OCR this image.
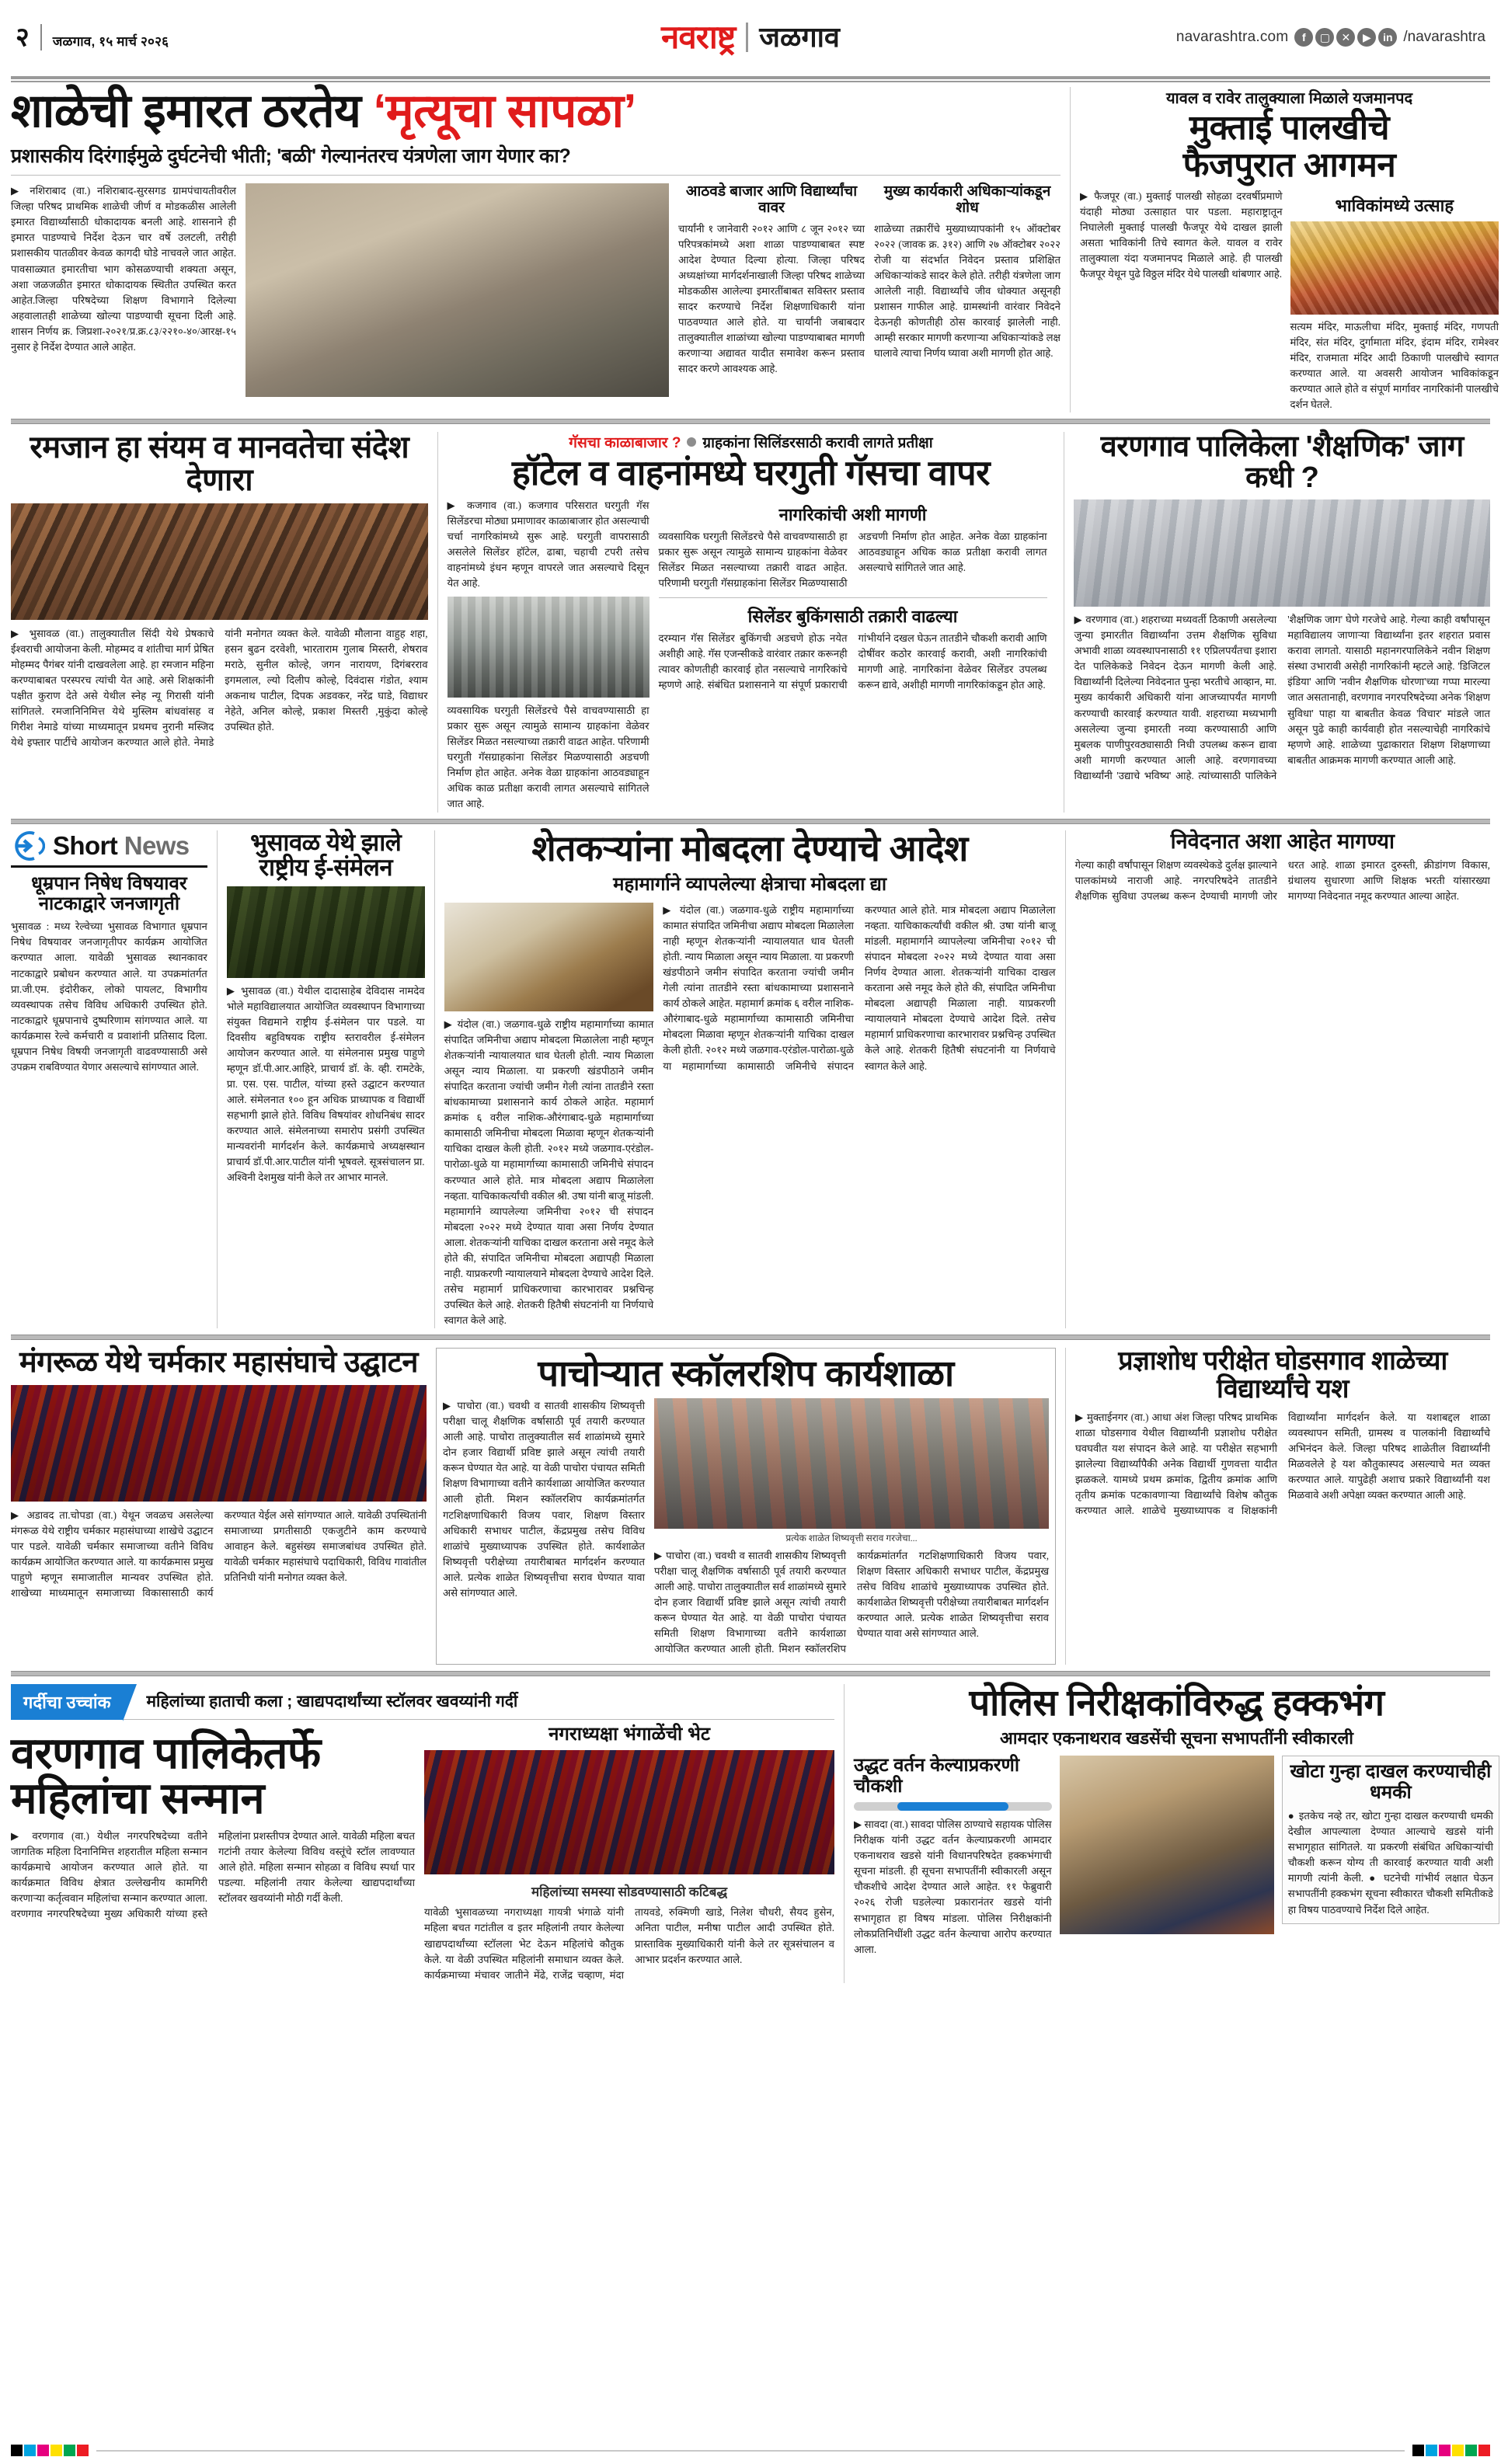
२ जळगाव, १५ मार्च २०२६	नवराष्ट्र जळगाव	navarashtra.com	f	▢	✕	▶	in /navarashtra
शाळेची इमारत ठरतेय ‘मृत्यूचा सापळा’
प्रशासकीय दिरंगाईमुळे दुर्घटनेची भीती; 'बळी' गेल्यानंतरच यंत्रणेला जाग येणार का?
▶ नशिराबाद (वा.) नशिराबाद-सुरसगड ग्रामपंचायतीवरील जिल्हा परिषद प्राथमिक शाळेची जीर्ण व मोडकळीस आलेली इमारत विद्यार्थ्यांसाठी धोकादायक बनली आहे. शासनाने ही इमारत पाडण्याचे निर्देश देऊन चार वर्षे उलटली, तरीही प्रशासकीय पातळीवर केवळ कागदी घोडे नाचवले जात आहेत. पावसाळ्यात इमारतीचा भाग कोसळण्याची शक्यता असून, अशा जळजळीत इमारत धोकादायक स्थितीत उपस्थित करत आहेत.जिल्हा परिषदेच्या शिक्षण विभागाने दिलेल्या अहवालातही शाळेच्या खोल्या पाडण्याची सूचना दिली आहे. शासन निर्णय क्र. जिप्रशा-२०२१/प्र.क्र.८३/२२१०-४०/आरक्ष-१५ नुसार हे निर्देश देण्यात आले आहेत.
आठवडे बाजार आणि विद्यार्थ्यांचा वावर
चार्यांनी १ जानेवारी २०१२ आणि ८ जून २०१२ च्या परिपत्रकांमध्ये अशा शाळा पाडण्याबाबत स्पष्ट आदेश देण्यात दिल्या होत्या. जिल्हा परिषद अध्यक्षांच्या मार्गदर्शनाखाली जिल्हा परिषद शाळेच्या मोडकळीस आलेल्या इमारतींबाबत सविस्तर प्रस्ताव सादर करण्याचे निर्देश शिक्षणाधिकारी यांना पाठवण्यात आले होते. या चार्यांनी जबाबदार तालुक्यातील शाळांच्या खोल्या पाडण्याबाबत मागणी करणाऱ्या अद्यावत यादीत समावेश करून प्रस्ताव सादर करणे आवश्यक आहे.
मुख्य कार्यकारी अधिकाऱ्यांकडून शोध
शाळेच्या तक्रारींचे मुख्याध्यापकांनी १५ ऑक्टोबर २०२२ (जावक क्र. ३१२) आणि २७ ऑक्टोबर २०२२ रोजी या संदर्भात निवेदन प्रस्ताव प्रशिक्षित अधिकाऱ्यांकडे सादर केले होते. तरीही यंत्रणेला जाग आलेली नाही. विद्यार्थ्यांचे जीव धोक्यात असूनही प्रशासन गाफील आहे. ग्रामस्थांनी वारंवार निवेदने देऊनही कोणतीही ठोस कारवाई झालेली नाही. आम्ही सरकार मागणी करणाऱ्या अधिकाऱ्यांकडे लक्ष घालावे त्याचा निर्णय घ्यावा अशी मागणी होत आहे.
यावल व रावेर तालुक्याला मिळाले यजमानपद
मुक्ताई पालखीचे
फैजपुरात आगमन
▶ फैजपूर (वा.) मुक्ताई पालखी सोहळा दरवर्षीप्रमाणे यंदाही मोठ्या उत्साहात पार पडला. महाराष्ट्रातून निघालेली मुक्ताई पालखी फैजपूर येथे दाखल झाली असता भाविकांनी तिचे स्वागत केले. यावल व रावेर तालुक्याला यंदा यजमानपद मिळाले आहे. ही पालखी फैजपूर येथून पुढे विठ्ठल मंदिर येथे पालखी थांबणार आहे.
भाविकांमध्ये उत्साह
सत्यम मंदिर, माऊलीचा मंदिर, मुक्ताई मंदिर, गणपती मंदिर, संत मंदिर, दुर्गामाता मंदिर, इंदाम मंदिर, रामेश्वर मंदिर, राजमाता मंदिर आदी ठिकाणी पालखीचे स्वागत करण्यात आले. या अवसरी आयोजन भाविकांकडून करण्यात आले होते व संपूर्ण मार्गावर नागरिकांनी पालखीचे दर्शन घेतले.
रमजान हा संयम व मानवतेचा संदेश देणारा
▶ भुसावळ (वा.) तालुक्यातील सिंदी येथे प्रेषकाचे ईश्वराची आयोजना केली. मोहम्मद व शांतीचा मार्ग प्रेषित मोहम्मद पैगंबर यांनी दाखवलेला आहे. हा रमजान महिना करण्याबाबत परस्परच त्यांची येत आहे. असे शिक्षकांनी पक्षीत कुराण देते असे येथील स्नेह न्यू गिरासी यांनी सांगितले. रमजानिनिमित्त येथे मुस्लिम बांधवांसह व गिरीश नेमाडे यांच्या माध्यमातून प्रथमच नुरानी मस्जिद येथे इफ्तार पार्टीचे आयोजन करण्यात आले होते. नेमाडे यांनी मनोगत व्यक्त केले. यावेळी मौलाना वाहुह शहा, हसन बुढन दरवेशी, भारताराम गुलाब मिस्तरी, शेषराव मराठे, सुनील कोल्हे, जगन नारायण, दिगंबरराव इगमलाल, ल्यो दिलीप कोल्हे, दिवंदास गंडोत, श्याम अकनाथ पाटील, दिपक अडवकर, नरेंद्र घाडे, विद्याधर नेहेते, अनिल कोल्हे, प्रकाश मिस्तरी ,मुकुंदा कोल्हे उपस्थित होते.
गॅसचा काळाबाजार ? ग्राहकांना सिलिंडरसाठी करावी लागते प्रतीक्षा
हॉटेल व वाहनांमध्ये घरगुती गॅसचा वापर
▶ कजगाव (वा.) कजगाव परिसरात घरगुती गॅस सिलेंडरचा मोठ्या प्रमाणावर काळाबाजार होत असल्याची चर्चा नागरिकांमध्ये सुरू आहे. घरगुती वापरासाठी असलेले सिलेंडर हॉटेल, ढाबा, चहाची टपरी तसेच वाहनांमध्ये इंधन म्हणून वापरले जात असल्याचे दिसून येत आहे.
व्यवसायिक घरगुती सिलेंडरचे पैसे वाचवण्यासाठी हा प्रकार सुरू असून त्यामुळे सामान्य ग्राहकांना वेळेवर सिलेंडर मिळत नसल्याच्या तक्रारी वाढत आहेत. परिणामी घरगुती गॅसग्राहकांना सिलेंडर मिळण्यासाठी अडचणी निर्माण होत आहेत. अनेक वेळा ग्राहकांना आठवड्याहून अधिक काळ प्रतीक्षा करावी लागत असल्याचे सांगितले जात आहे.
नागरिकांची अशी मागणी
व्यवसायिक घरगुती सिलेंडरचे पैसे वाचवण्यासाठी हा प्रकार सुरू असून त्यामुळे सामान्य ग्राहकांना वेळेवर सिलेंडर मिळत नसल्याच्या तक्रारी वाढत आहेत. परिणामी घरगुती गॅसग्राहकांना सिलेंडर मिळण्यासाठी अडचणी निर्माण होत आहेत. अनेक वेळा ग्राहकांना आठवड्याहून अधिक काळ प्रतीक्षा करावी लागत असल्याचे सांगितले जात आहे.
सिलेंडर बुकिंगसाठी तक्रारी वाढल्या
दरम्यान गॅस सिलेंडर बुकिंगची अडचणे होऊ नयेत अशीही आहे. गॅस एजन्सीकडे वारंवार तक्रार करूनही त्यावर कोणतीही कारवाई होत नसल्याचे नागरिकांचे म्हणणे आहे. संबंधित प्रशासनाने या संपूर्ण प्रकाराची गांभीर्याने दखल घेऊन तातडीने चौकशी करावी आणि दोषींवर कठोर कारवाई करावी, अशी नागरिकांची मागणी आहे. नागरिकांना वेळेवर सिलेंडर उपलब्ध करून द्यावे, अशीही मागणी नागरिकांकडून होत आहे.
वरणगाव पालिकेला 'शैक्षणिक' जाग कधी ?
▶ वरणगाव (वा.) शहराच्या मध्यवर्ती ठिकाणी असलेल्या जुन्या इमारतीत विद्यार्थ्यांना उत्तम शैक्षणिक सुविधा अभावी शाळा व्यवस्थापनासाठी ११ एप्रिलपर्यंतचा इशारा देत पालिकेकडे निवेदन देऊन मागणी केली आहे. विद्यार्थ्यांनी दिलेल्या निवेदनात पुन्हा भरतीचे आव्हान, मा. मुख्य कार्यकारी अधिकारी यांना आजच्यापर्यंत मागणी करण्याची कारवाई करण्यात यावी. शहराच्या मध्यभागी असलेल्या जुन्या इमारती नव्या करण्यासाठी आणि मुबलक पाणीपुरवठ्यासाठी निधी उपलब्ध करून द्यावा अशी मागणी करण्यात आली आहे. वरणगावच्या विद्यार्थ्यांनी 'उद्याचे भविष्य' आहे. त्यांच्यासाठी पालिकेने 'शैक्षणिक जाग' घेणे गरजेचे आहे. गेल्या काही वर्षांपासून महाविद्यालय जाणाऱ्या विद्यार्थ्यांना इतर शहरात प्रवास करावा लागतो. यासाठी महानगरपालिकेने नवीन शिक्षण संस्था उभारावी असेही नागरिकांनी म्हटले आहे. 'डिजिटल इंडिया' आणि 'नवीन शैक्षणिक धोरणा'च्या गप्पा मारल्या जात असतानाही, वरणगाव नगरपरिषदेच्या अनेक 'शिक्षण सुविधा' पाहा या बाबतीत केवळ 'विचार' मांडले जात असून पुढे काही कार्यवाही होत नसल्याचेही नागरिकांचे म्हणणे आहे. शाळेच्या पुढाकारात शिक्षण शिक्षणाच्या बाबतीत आक्रमक मागणी करण्यात आली आहे.
Short News
धूम्रपान निषेध विषयावर नाटकाद्वारे जनजागृती
भुसावळ : मध्य रेल्वेच्या भुसावळ विभागात धूम्रपान निषेध विषयावर जनजागृतीपर कार्यक्रम आयोजित करण्यात आला. यावेळी भुसावळ स्थानकावर नाटकाद्वारे प्रबोधन करण्यात आले. या उपक्रमांतर्गत प्रा.जी.एम. इंदोरीकर, लोको पायलट, विभागीय व्यवस्थापक तसेच विविध अधिकारी उपस्थित होते. नाटकाद्वारे धूम्रपानाचे दुष्परिणाम सांगण्यात आले. या कार्यक्रमास रेल्वे कर्मचारी व प्रवाशांनी प्रतिसाद दिला. धूम्रपान निषेध विषयी जनजागृती वाढवण्यासाठी असे उपक्रम राबविण्यात येणार असल्याचे सांगण्यात आले.
भुसावळ येथे झाले राष्ट्रीय ई-संमेलन
▶ भुसावळ (वा.) येथील दादासाहेब देविदास नामदेव भोले महाविद्यालयात आयोजित व्यवस्थापन विभागाच्या संयुक्त विद्यमाने राष्ट्रीय ई-संमेलन पार पडले. या दिवसीय बहुविषयक राष्ट्रीय स्तरावरील ई-संमेलन आयोजन करण्यात आले. या संमेलनास प्रमुख पाहुणे म्हणून डॉ.पी.आर.आहिरे, प्राचार्य डॉ. के. व्ही. रामटेके, प्रा. एस. एस. पाटील, यांच्या हस्ते उद्घाटन करण्यात आले. संमेलनात १०० हून अधिक प्राध्यापक व विद्यार्थी सहभागी झाले होते. विविध विषयांवर शोधनिबंध सादर करण्यात आले. संमेलनाच्या समारोप प्रसंगी उपस्थित मान्यवरांनी मार्गदर्शन केले. कार्यक्रमाचे अध्यक्षस्थान प्राचार्य डॉ.पी.आर.पाटील यांनी भूषवले. सूत्रसंचालन प्रा. अश्विनी देशमुख यांनी केले तर आभार मानले.
शेतकऱ्यांना मोबदला देण्याचे आदेश
महामार्गाने व्यापलेल्या क्षेत्राचा मोबदला द्या
▶ यंदोल (वा.) जळगाव-धुळे राष्ट्रीय महामार्गाच्या कामात संपादित जमिनीचा अद्याप मोबदला मिळालेला नाही म्हणून शेतकऱ्यांनी न्यायालयात धाव घेतली होती. न्याय मिळाला असून न्याय मिळाला. या प्रकरणी खंडपीठाने जमीन संपादित करताना ज्यांची जमीन गेली त्यांना तातडीने रस्ता बांधकामाच्या प्रशासनाने कार्य ठोकले आहेत. महामार्ग क्रमांक ६ वरील नाशिक-औरंगाबाद-धुळे महामार्गाच्या कामासाठी जमिनीचा मोबदला मिळावा म्हणून शेतकऱ्यांनी याचिका दाखल केली होती. २०१२ मध्ये जळगाव-एरंडोल-पारोळा-धुळे या महामार्गाच्या कामासाठी जमिनीचे संपादन करण्यात आले होते. मात्र मोबदला अद्याप मिळालेला नव्हता. याचिकाकर्त्यांची वकील श्री. उषा यांनी बाजू मांडली. महामार्गाने व्यापलेल्या जमिनीचा २०१२ ची संपादन मोबदला २०२२ मध्ये देण्यात यावा असा निर्णय देण्यात आला. शेतकऱ्यांनी याचिका दाखल करताना असे नमूद केले होते की, संपादित जमिनीचा मोबदला अद्यापही मिळाला नाही. याप्रकरणी न्यायालयाने मोबदला देण्याचे आदेश दिले. तसेच महामार्ग प्राधिकरणाचा कारभारावर प्रश्नचिन्ह उपस्थित केले आहे. शेतकरी हितैषी संघटनांनी या निर्णयाचे स्वागत केले आहे.
▶ यंदोल (वा.) जळगाव-धुळे राष्ट्रीय महामार्गाच्या कामात संपादित जमिनीचा अद्याप मोबदला मिळालेला नाही म्हणून शेतकऱ्यांनी न्यायालयात धाव घेतली होती. न्याय मिळाला असून न्याय मिळाला. या प्रकरणी खंडपीठाने जमीन संपादित करताना ज्यांची जमीन गेली त्यांना तातडीने रस्ता बांधकामाच्या प्रशासनाने कार्य ठोकले आहेत. महामार्ग क्रमांक ६ वरील नाशिक-औरंगाबाद-धुळे महामार्गाच्या कामासाठी जमिनीचा मोबदला मिळावा म्हणून शेतकऱ्यांनी याचिका दाखल केली होती. २०१२ मध्ये जळगाव-एरंडोल-पारोळा-धुळे या महामार्गाच्या कामासाठी जमिनीचे संपादन करण्यात आले होते. मात्र मोबदला अद्याप मिळालेला नव्हता. याचिकाकर्त्यांची वकील श्री. उषा यांनी बाजू मांडली. महामार्गाने व्यापलेल्या जमिनीचा २०१२ ची संपादन मोबदला २०२२ मध्ये देण्यात यावा असा निर्णय देण्यात आला. शेतकऱ्यांनी याचिका दाखल करताना असे नमूद केले होते की, संपादित जमिनीचा मोबदला अद्यापही मिळाला नाही. याप्रकरणी न्यायालयाने मोबदला देण्याचे आदेश दिले. तसेच महामार्ग प्राधिकरणाचा कारभारावर प्रश्नचिन्ह उपस्थित केले आहे. शेतकरी हितैषी संघटनांनी या निर्णयाचे स्वागत केले आहे.
निवेदनात अशा आहेत मागण्या
गेल्या काही वर्षांपासून शिक्षण व्यवस्थेकडे दुर्लक्ष झाल्याने पालकांमध्ये नाराजी आहे. नगरपरिषदेने तातडीने शैक्षणिक सुविधा उपलब्ध करून देण्याची मागणी जोर धरत आहे. शाळा इमारत दुरुस्ती, क्रीडांगण विकास, ग्रंथालय सुधारणा आणि शिक्षक भरती यांसारख्या मागण्या निवेदनात नमूद करण्यात आल्या आहेत.
मंगरूळ येथे चर्मकार महासंघाचे उद्घाटन
▶ अडावद ता.चोपडा (वा.) येथून जवळच असलेल्या मंगरूळ येथे राष्ट्रीय चर्मकार महासंघाच्या शाखेचे उद्घाटन पार पडले. यावेळी चर्मकार समाजाच्या वतीने विविध कार्यक्रम आयोजित करण्यात आले. या कार्यक्रमास प्रमुख पाहुणे म्हणून समाजातील मान्यवर उपस्थित होते. शाखेच्या माध्यमातून समाजाच्या विकासासाठी कार्य करण्यात येईल असे सांगण्यात आले. यावेळी उपस्थितांनी समाजाच्या प्रगतीसाठी एकजुटीने काम करण्याचे आवाहन केले. बहुसंख्य समाजबांधव उपस्थित होते. यावेळी चर्मकार महासंघाचे पदाधिकारी, विविध गावांतील प्रतिनिधी यांनी मनोगत व्यक्त केले.
पाचोऱ्यात स्कॉलरशिप कार्यशाळा
▶ पाचोरा (वा.) चवथी व सातवी शासकीय शिष्यवृत्ती परीक्षा चालू शैक्षणिक वर्षासाठी पूर्व तयारी करण्यात आली आहे. पाचोरा तालुक्यातील सर्व शाळांमध्ये सुमारे दोन हजार विद्यार्थी प्रविष्ट झाले असून त्यांची तयारी करून घेण्यात येत आहे. या वेळी पाचोरा पंचायत समिती शिक्षण विभागाच्या वतीने कार्यशाळा आयोजित करण्यात आली होती. मिशन स्कॉलरशिप कार्यक्रमांतर्गत गटशिक्षणाधिकारी विजय पवार, शिक्षण विस्तार अधिकारी सभाधर पाटील, केंद्रप्रमुख तसेच विविध शाळांचे मुख्याध्यापक उपस्थित होते. कार्यशाळेत शिष्यवृत्ती परीक्षेच्या तयारीबाबत मार्गदर्शन करण्यात आले. प्रत्येक शाळेत शिष्यवृत्तीचा सराव घेण्यात यावा असे सांगण्यात आले.
प्रत्येक शाळेत शिष्यवृत्ती सराव गरजेचा...
▶ पाचोरा (वा.) चवथी व सातवी शासकीय शिष्यवृत्ती परीक्षा चालू शैक्षणिक वर्षासाठी पूर्व तयारी करण्यात आली आहे. पाचोरा तालुक्यातील सर्व शाळांमध्ये सुमारे दोन हजार विद्यार्थी प्रविष्ट झाले असून त्यांची तयारी करून घेण्यात येत आहे. या वेळी पाचोरा पंचायत समिती शिक्षण विभागाच्या वतीने कार्यशाळा आयोजित करण्यात आली होती. मिशन स्कॉलरशिप कार्यक्रमांतर्गत गटशिक्षणाधिकारी विजय पवार, शिक्षण विस्तार अधिकारी सभाधर पाटील, केंद्रप्रमुख तसेच विविध शाळांचे मुख्याध्यापक उपस्थित होते. कार्यशाळेत शिष्यवृत्ती परीक्षेच्या तयारीबाबत मार्गदर्शन करण्यात आले. प्रत्येक शाळेत शिष्यवृत्तीचा सराव घेण्यात यावा असे सांगण्यात आले.
प्रज्ञाशोध परीक्षेत घोडसगाव शाळेच्या विद्यार्थ्यांचे यश
▶ मुक्ताईनगर (वा.) आधा अंश जिल्हा परिषद प्राथमिक शाळा घोडसगाव येथील विद्यार्थ्यांनी प्रज्ञाशोध परीक्षेत घवघवीत यश संपादन केले आहे. या परीक्षेत सहभागी झालेल्या विद्यार्थ्यांपैकी अनेक विद्यार्थी गुणवत्ता यादीत झळकले. यामध्ये प्रथम क्रमांक, द्वितीय क्रमांक आणि तृतीय क्रमांक पटकावणाऱ्या विद्यार्थ्यांचे विशेष कौतुक करण्यात आले. शाळेचे मुख्याध्यापक व शिक्षकांनी विद्यार्थ्यांना मार्गदर्शन केले. या यशाबद्दल शाळा व्यवस्थापन समिती, ग्रामस्थ व पालकांनी विद्यार्थ्यांचे अभिनंदन केले. जिल्हा परिषद शाळेतील विद्यार्थ्यांनी मिळवलेले हे यश कौतुकास्पद असल्याचे मत व्यक्त करण्यात आले. यापुढेही अशाच प्रकारे विद्यार्थ्यांनी यश मिळवावे अशी अपेक्षा व्यक्त करण्यात आली आहे.
गर्दीचा उच्चांक	महिलांच्या हाताची कला ; खाद्यपदार्थांच्या स्टॉलवर खवय्यांनी गर्दी
वरणगाव पालिकेतर्फे महिलांचा सन्मान
▶ वरणगाव (वा.) येथील नगरपरिषदेच्या वतीने जागतिक महिला दिनानिमित्त शहरातील महिला सन्मान कार्यक्रमाचे आयोजन करण्यात आले होते. या कार्यक्रमात विविध क्षेत्रात उल्लेखनीय कामगिरी करणाऱ्या कर्तृत्ववान महिलांचा सन्मान करण्यात आला. वरणगाव नगरपरिषदेच्या मुख्य अधिकारी यांच्या हस्ते महिलांना प्रशस्तीपत्र देण्यात आले. यावेळी महिला बचत गटांनी तयार केलेल्या विविध वस्तूंचे स्टॉल लावण्यात आले होते. महिला सन्मान सोहळा व विविध स्पर्धा पार पडल्या. महिलांनी तयार केलेल्या खाद्यपदार्थांच्या स्टॉलवर खवय्यांनी मोठी गर्दी केली.
नगराध्यक्षा भंगाळेंची भेट
महिलांच्या समस्या सोडवण्यासाठी कटिबद्ध
यावेळी भुसावळच्या नगराध्यक्षा गायत्री भंगाळे यांनी महिला बचत गटांतील व इतर महिलांनी तयार केलेल्या खाद्यपदार्थांच्या स्टॉलला भेट देऊन महिलांचे कौतुक केले. या वेळी उपस्थित महिलांनी समाधान व्यक्त केले. कार्यक्रमाच्या मंचावर जातीने मेंढे, राजेंद्र चव्हाण, मंदा तायवडे, रुक्मिणी खाडे, निलेश चौधरी, सैयद हुसेन, अनिता पाटील, मनीषा पाटील आदी उपस्थित होते. प्रास्ताविक मुख्याधिकारी यांनी केले तर सूत्रसंचालन व आभार प्रदर्शन करण्यात आले.
पोलिस निरीक्षकांविरुद्ध हक्कभंग
आमदार एकनाथराव खडसेंची सूचना सभापतींनी स्वीकारली
उद्धट वर्तन केल्याप्रकरणी चौकशी
▶ सावदा (वा.) सावदा पोलिस ठाण्याचे सहायक पोलिस निरीक्षक यांनी उद्धट वर्तन केल्याप्रकरणी आमदार एकनाथराव खडसे यांनी विधानपरिषदेत हक्कभंगाची सूचना मांडली. ही सूचना सभापतींनी स्वीकारली असून चौकशीचे आदेश देण्यात आले आहेत. ११ फेब्रुवारी २०२६ रोजी घडलेल्या प्रकारानंतर खडसे यांनी सभागृहात हा विषय मांडला. पोलिस निरीक्षकांनी लोकप्रतिनिधींशी उद्धट वर्तन केल्याचा आरोप करण्यात आला.
खोटा गुन्हा दाखल करण्याचीही धमकी
● इतकेच नव्हे तर, खोटा गुन्हा दाखल करण्याची धमकी देखील आपल्याला देण्यात आल्याचे खडसे यांनी सभागृहात सांगितले. या प्रकरणी संबंधित अधिकाऱ्यांची चौकशी करून योग्य ती कारवाई करण्यात यावी अशी मागणी त्यांनी केली. ● घटनेची गांभीर्य लक्षात घेऊन सभापतींनी हक्कभंग सूचना स्वीकारत चौकशी समितीकडे हा विषय पाठवण्याचे निर्देश दिले आहेत.
